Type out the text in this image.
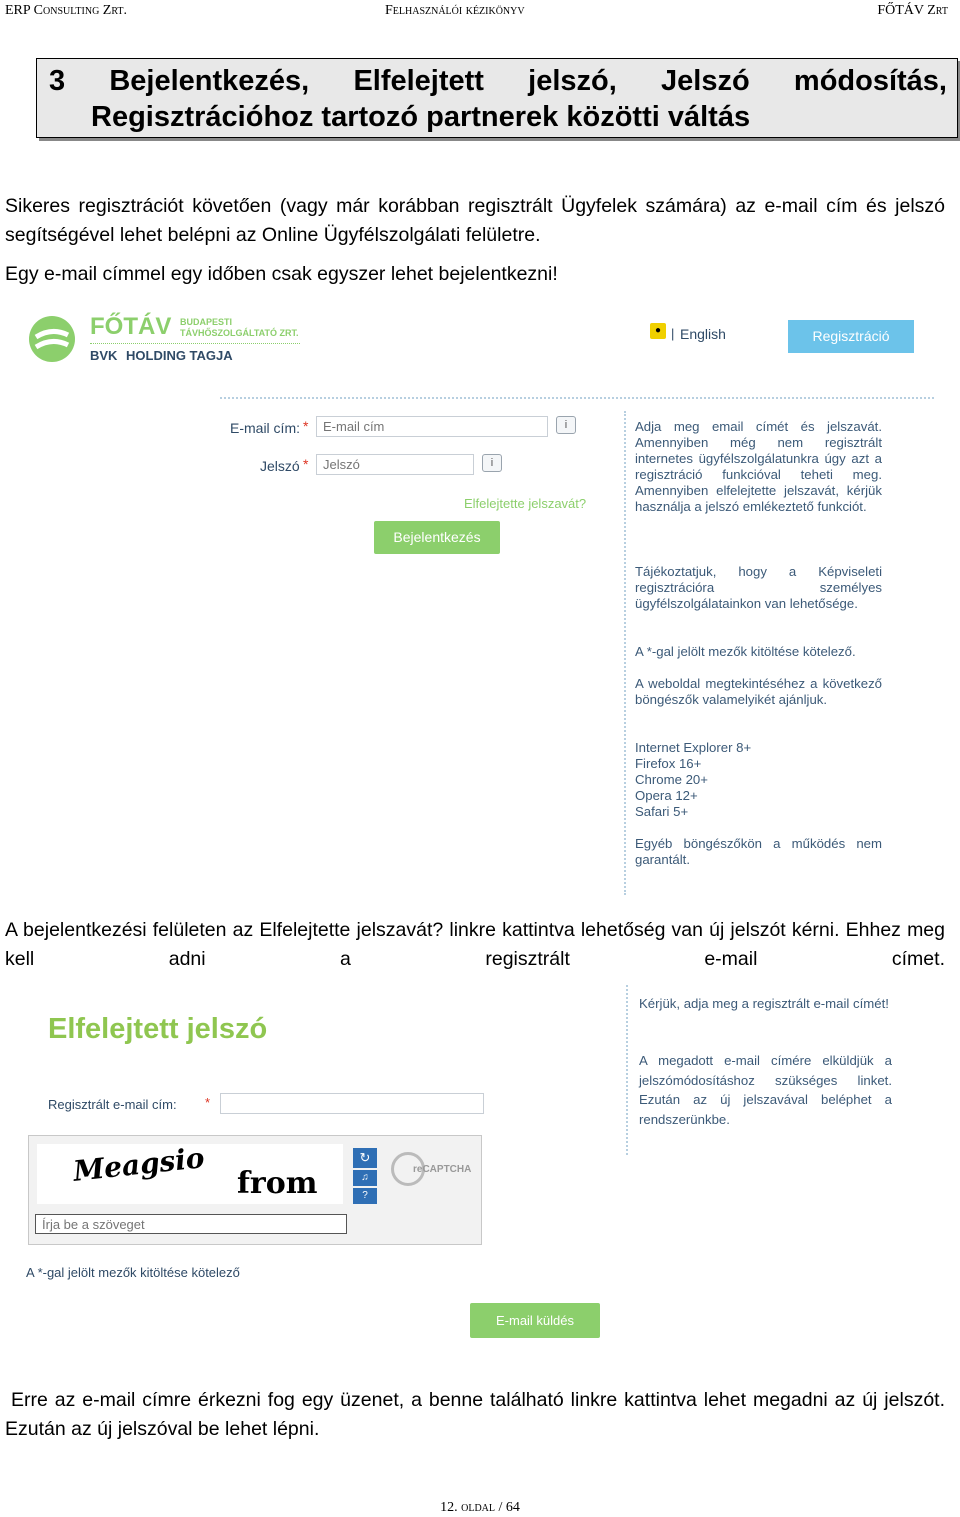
ERP Consulting Zrt.	Felhasználói kézikönyv	FŐTÁV Zrt
3 Bejelentkezés, Elfelejtett jelszó, Jelszó módosítás,
Regisztrációhoz tartozó partnerek közötti váltás
Sikeres regisztrációt követően (vagy már korábban regisztrált Ügyfelek számára) az e-mail cím és jelszó segítségével lehet belépni az Online Ügyfélszolgálati felületre.
Egy e-mail címmel egy időben csak egyszer lehet bejelentkezni!
FŐTÁV BUDAPESTI
TÁVHŐSZOLGÁLTATÓ ZRT.
BVK HOLDING TAGJA
● | English	Regisztráció
E-mail cím: *
E-mail cím	i
Jelszó *
Jelszó	i
Elfelejtette jelszavát?
Bejelentkezés
Adja meg email címét és jelszavát. Amennyiben még nem regisztrált internetes ügyfélszolgálatunkra úgy azt a regisztráció funkcióval teheti meg. Amennyiben elfelejtette jelszavát, kérjük használja a jelszó emlékeztető funkciót.
Tájékoztatjuk, hogy a Képviseleti regisztrációra személyes ügyfélszolgálatainkon van lehetősége.
A *-gal jelölt mezők kitöltése kötelező.
A weboldal megtekintéséhez a következő böngészők valamelyikét ajánljuk.
Internet Explorer 8+
Firefox 16+
Chrome 20+
Opera 12+
Safari 5+
Egyéb böngészőkön a működés nem garantált.
A bejelentkezési felületen az Elfelejtette jelszavát? linkre kattintva lehetőség van új jelszót kérni. Ehhez meg kell adni a regisztrált e-mail címet.
Elfelejtett jelszó
Regisztrált e-mail cím: *
Meagsio from
↻
♫
?
reCAPTCHA
Írja be a szöveget
A *-gal jelölt mezők kitöltése kötelező
E-mail küldés
Kérjük, adja meg a regisztrált e-mail címét!
A megadott e-mail címére elküldjük a jelszómódosításhoz szükséges linket. Ezután az új jelszavával beléphet a rendszerünkbe.
Erre az e-mail címre érkezni fog egy üzenet, a benne található linkre kattintva lehet megadni az új jelszót. Ezután az új jelszóval be lehet lépni.
12. oldal / 64
